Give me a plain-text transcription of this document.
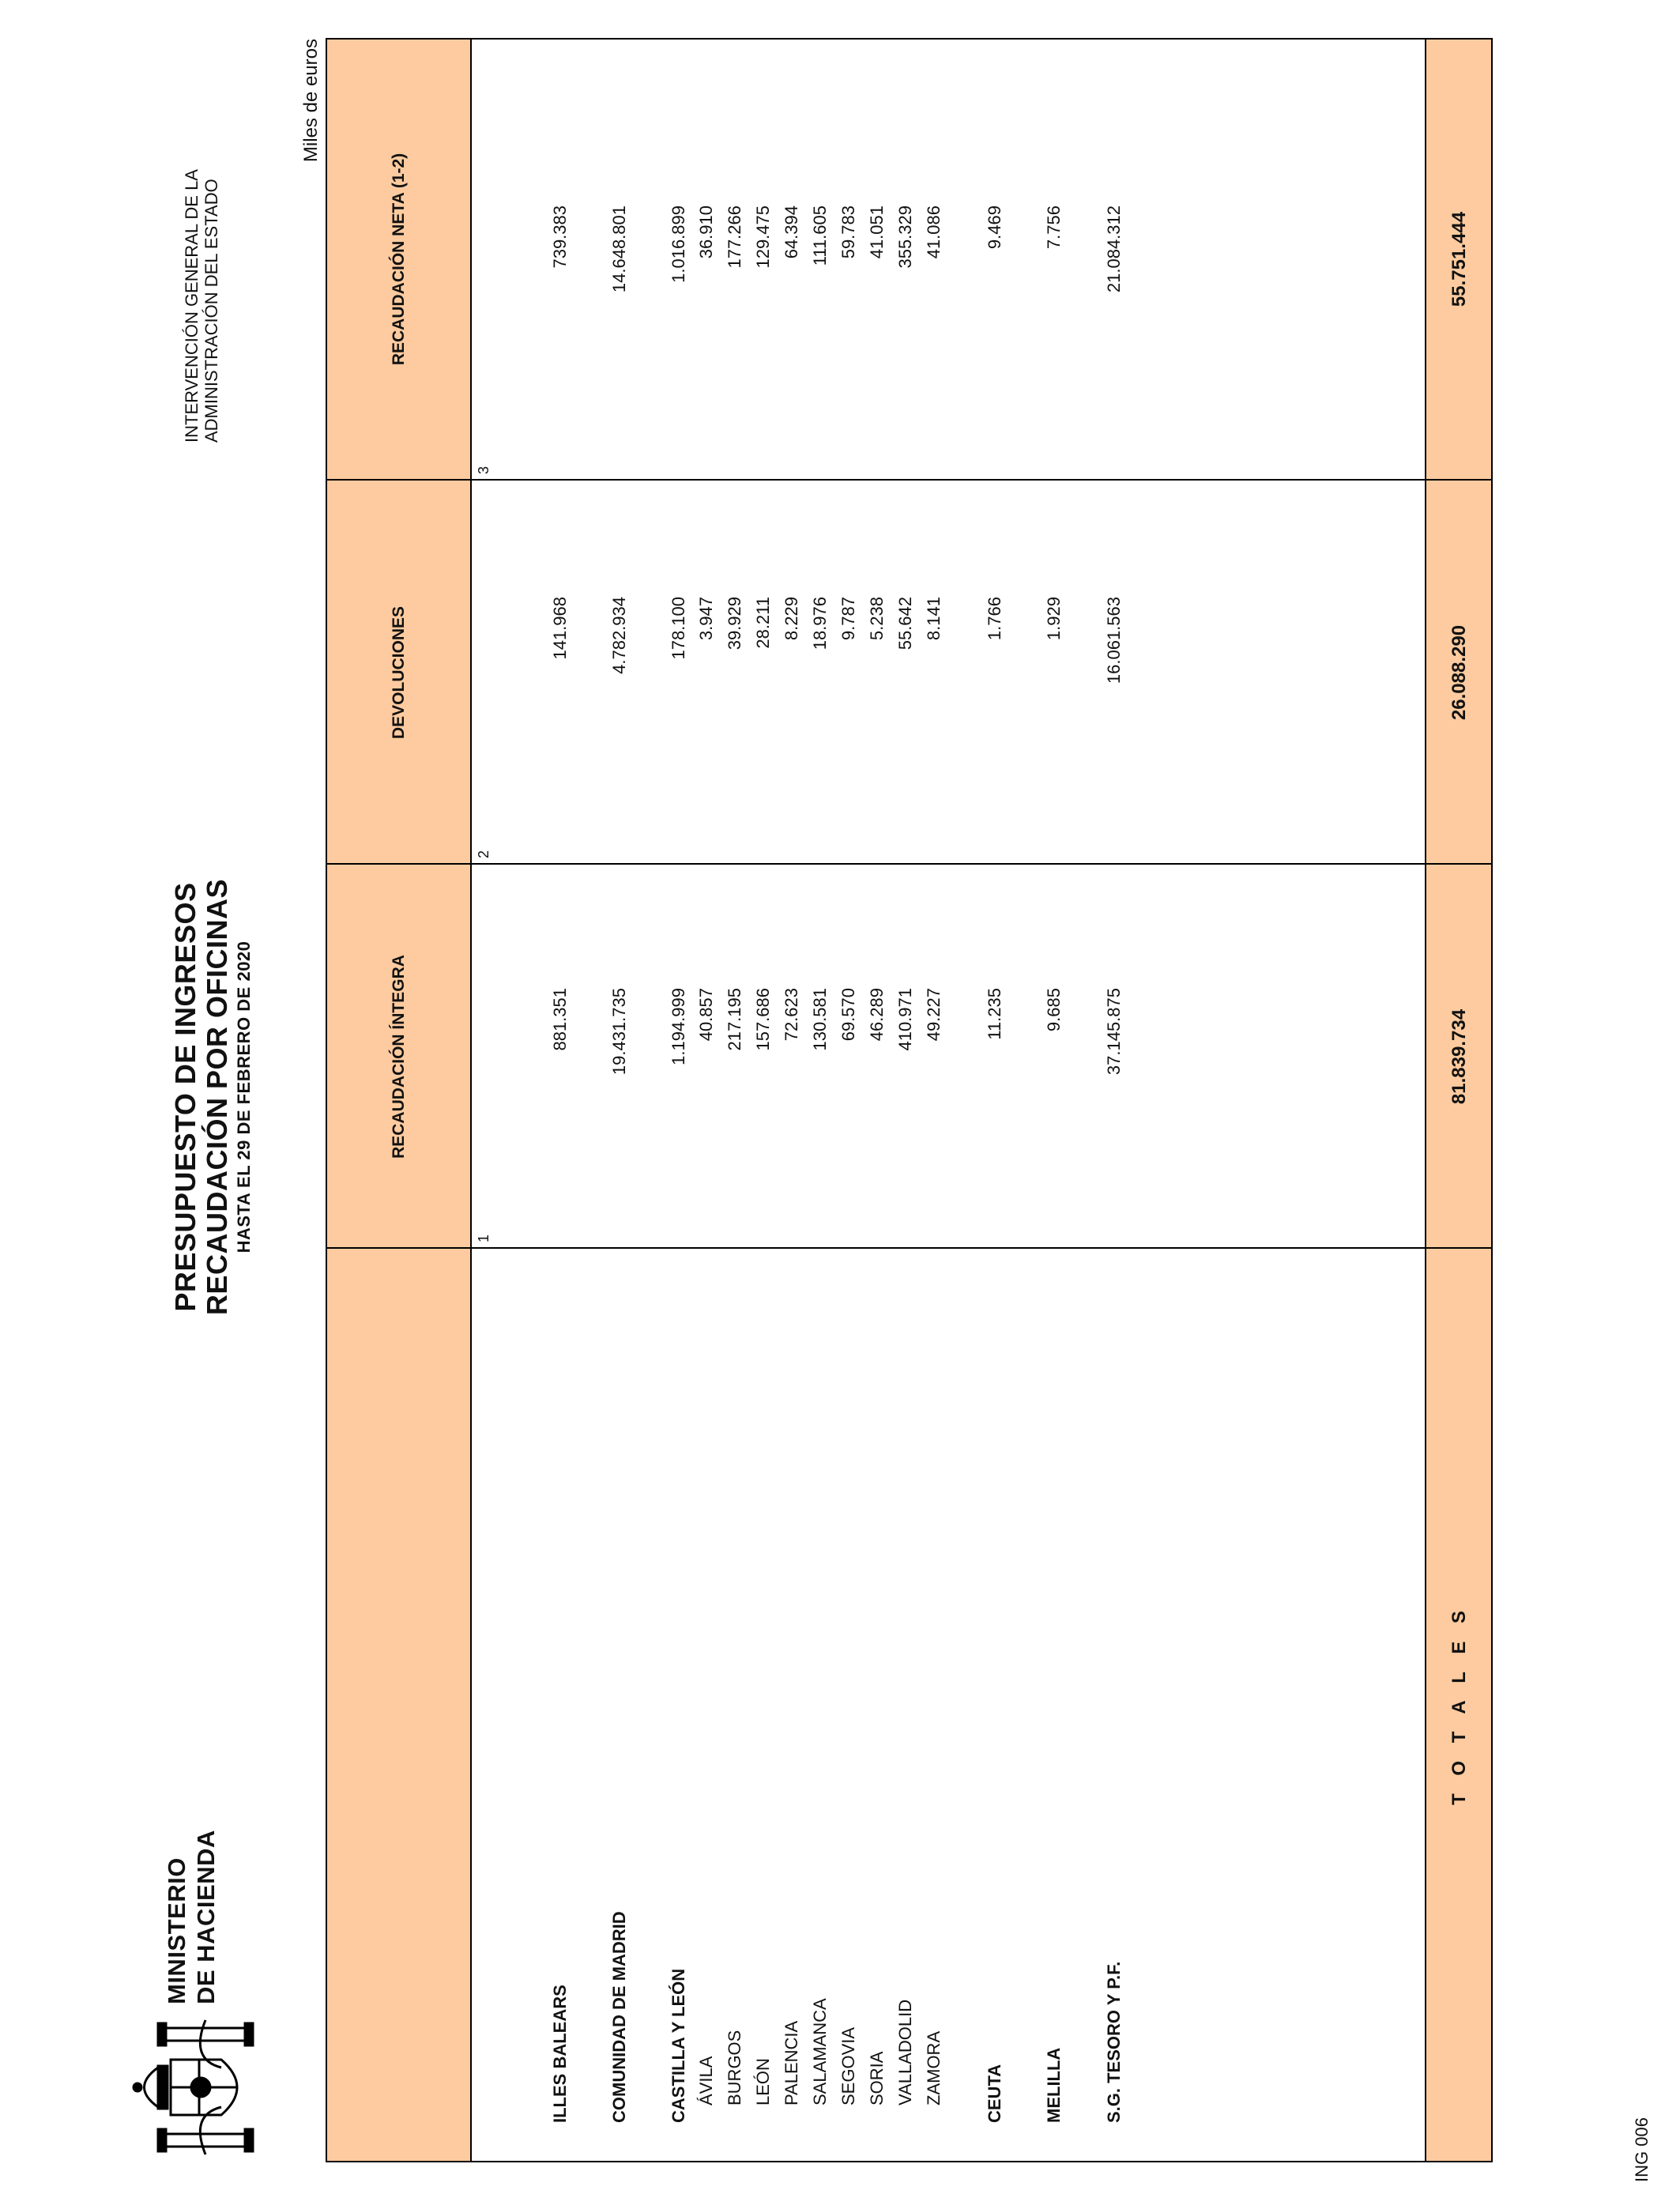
MINISTERIO DE HACIENDA
PRESUPUESTO DE INGRESOS RECAUDACIÓN POR OFICINAS HASTA EL 29 DE FEBRERO DE 2020
INTERVENCIÓN GENERAL DE LA ADMINISTRACIÓN DEL ESTADO
Miles de euros
RECAUDACIÓN ÍNTEGRA
DEVOLUCIONES
RECAUDACIÓN NETA (1-2)
1
2
3
T O T A L E S
81.839.734
26.088.290
55.751.444
ILLES BALEARS
881.351
141.968
739.383
COMUNIDAD DE MADRID
19.431.735
4.782.934
14.648.801
CASTILLA Y LEÓN
1.194.999
178.100
1.016.899
ÁVILA
40.857
3.947
36.910
BURGOS
217.195
39.929
177.266
LEÓN
157.686
28.211
129.475
PALENCIA
72.623
8.229
64.394
SALAMANCA
130.581
18.976
111.605
SEGOVIA
69.570
9.787
59.783
SORIA
46.289
5.238
41.051
VALLADOLID
410.971
55.642
355.329
ZAMORA
49.227
8.141
41.086
CEUTA
11.235
1.766
9.469
MELILLA
9.685
1.929
7.756
S.G. TESORO Y P.F.
37.145.875
16.061.563
21.084.312
ING 006
